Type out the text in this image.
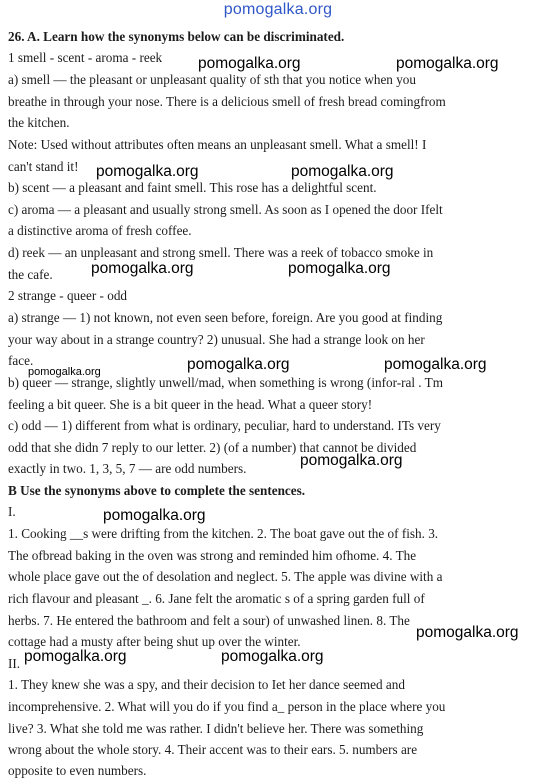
pomogalka.org
26. A. Learn how the synonyms below can be discriminated.
1 smell - scent - aroma - reek
a) smell — the pleasant or unpleasant quality of sth that you notice when you
breathe in through your nose. There is a delicious smell of fresh bread comingfrom
the kitchen.
Note: Used without attributes often means an unpleasant smell. What a smell! I
can't stand it!
b) scent — a pleasant and faint smell. This rose has a delightful scent.
c) aroma — a pleasant and usually strong smell. As soon as I opened the door Ifelt
a distinctive aroma of fresh coffee.
d) reek — an unpleasant and strong smell. There was a reek of tobacco smoke in
the cafe.
2 strange - queer - odd
a) strange — 1) not known, not even seen before, foreign. Are you good at finding
your way about in a strange country? 2) unusual. She had a strange look on her
face.
b) queer — strange, slightly unwell/mad, when something is wrong (infor-ral . Tm
feeling a bit queer. She is a bit queer in the head. What a queer story!
c) odd — 1) different from what is ordinary, peculiar, hard to understand. ITs very
odd that she didn 7 reply to our letter. 2) (of a number) that cannot be divided
exactly in two. 1, 3, 5, 7 — are odd numbers.
B Use the synonyms above to complete the sentences.
I.
1. Cooking __s were drifting from the kitchen. 2. The boat gave out the of fish. 3.
The ofbread baking in the oven was strong and reminded him ofhome. 4. The
whole place gave out the of desolation and neglect. 5. The apple was divine with a
rich flavour and pleasant _. 6. Jane felt the aromatic s of a spring garden full of
herbs. 7. He entered the bathroom and felt a sour) of unwashed linen. 8. The
cottage had a musty after being shut up over the winter.
II.
1. They knew she was a spy, and their decision to Iet her dance seemed and
incomprehensive. 2. What will you do if you find a_ person in the place where you
live? 3. What she told me was rather. I didn't believe her. There was something
wrong about the whole story. 4. Their accent was to their ears. 5. numbers are
opposite to even numbers.
pomogalka.org	pomogalka.org
pomogalka.org	pomogalka.org
pomogalka.org	pomogalka.org
pomogalka.org	pomogalka.org	pomogalka.org
pomogalka.org
pomogalka.org
pomogalka.org
pomogalka.org	pomogalka.org
